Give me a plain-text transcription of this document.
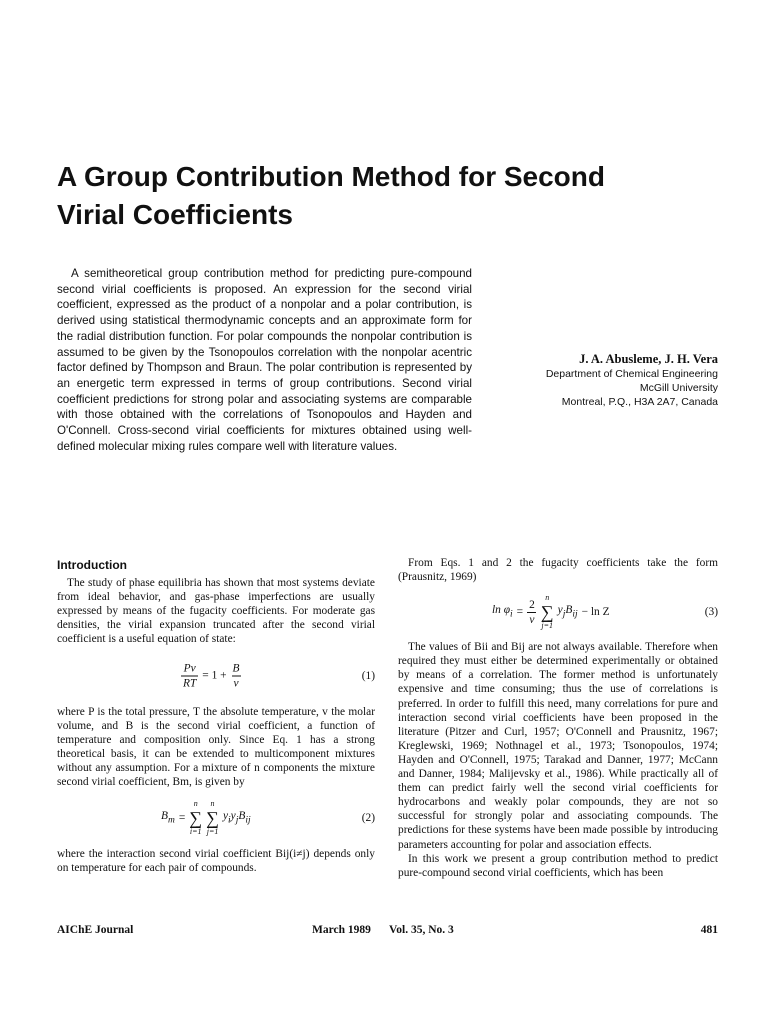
A Group Contribution Method for Second
Virial Coefficients

A semitheoretical group contribution method for predicting pure-compound second virial coefficients is proposed. An expression for the second virial coefficient, expressed as the product of a nonpolar and a polar contribution, is derived using statistical thermodynamic concepts and an approximate form for the radial distribution function. For polar compounds the nonpolar contribution is assumed to be given by the Tsonopoulos correlation with the nonpolar acentric factor defined by Thompson and Braun. The polar contribution is represented by an energetic term expressed in terms of group contributions. Second virial coefficient predictions for strong polar and associating systems are comparable with those obtained with the correlations of Tsonopoulos and Hayden and O'Connell. Cross-second virial coefficients for mixtures obtained using well-defined molecular mixing rules compare well with literature values.

J. A. Abusleme, J. H. Vera
Department of Chemical Engineering
McGill University
Montreal, P.Q., H3A 2A7, Canada
Introduction

The study of phase equilibria has shown that most systems deviate from ideal behavior, and gas-phase imperfections are usually expressed by means of the fugacity coefficients. For moderate gas densities, the virial expansion truncated after the second virial coefficient is a useful equation of state:

$\frac{Pv}{RT} = 1 + \frac{B}{v}$	(1)

where P is the total pressure, T the absolute temperature, v the molar volume, and B is the second virial coefficient, a function of temperature and composition only. Since Eq. 1 has a strong theoretical basis, it can be extended to multicomponent mixtures without any assumption. For a mixture of n components the mixture second virial coefficient, Bm, is given by

$B_m$ =
n
∑
i=1
n
∑
j=1
$y_iy_jB_{ij}$	(2)

where the interaction second virial coefficient Bij(i≠j) depends only on temperature for each pair of compounds.

From Eqs. 1 and 2 the fugacity coefficients take the form (Prausnitz, 1969)

$\ln \varphi_i = \frac{2}{v}$ n
∑
j=1
$y_jB_{ij} - \ln Z$	(3)

The values of Bii and Bij are not always available. Therefore when required they must either be determined experimentally or obtained by means of a correlation. The former method is unfortunately expensive and time consuming; thus the use of correlations is preferred. In order to fulfill this need, many correlations for pure and interaction second virial coefficients have been proposed in the literature (Pitzer and Curl, 1957; O'Connell and Prausnitz, 1967; Kreglewski, 1969; Nothnagel et al., 1973; Tsonopoulos, 1974; Hayden and O'Connell, 1975; Tarakad and Danner, 1977; McCann and Danner, 1984; Malijevsky et al., 1986). While practically all of them can predict fairly well the second virial coefficients for hydrocarbons and weakly polar compounds, they are not so successful for strongly polar and associating compounds. The predictions for these systems have been made possible by introducing parameters accounting for polar and association effects.

In this work we present a group contribution method to predict pure-compound second virial coefficients, which has been

AIChE Journal	March 1989 Vol. 35, No. 3	481
